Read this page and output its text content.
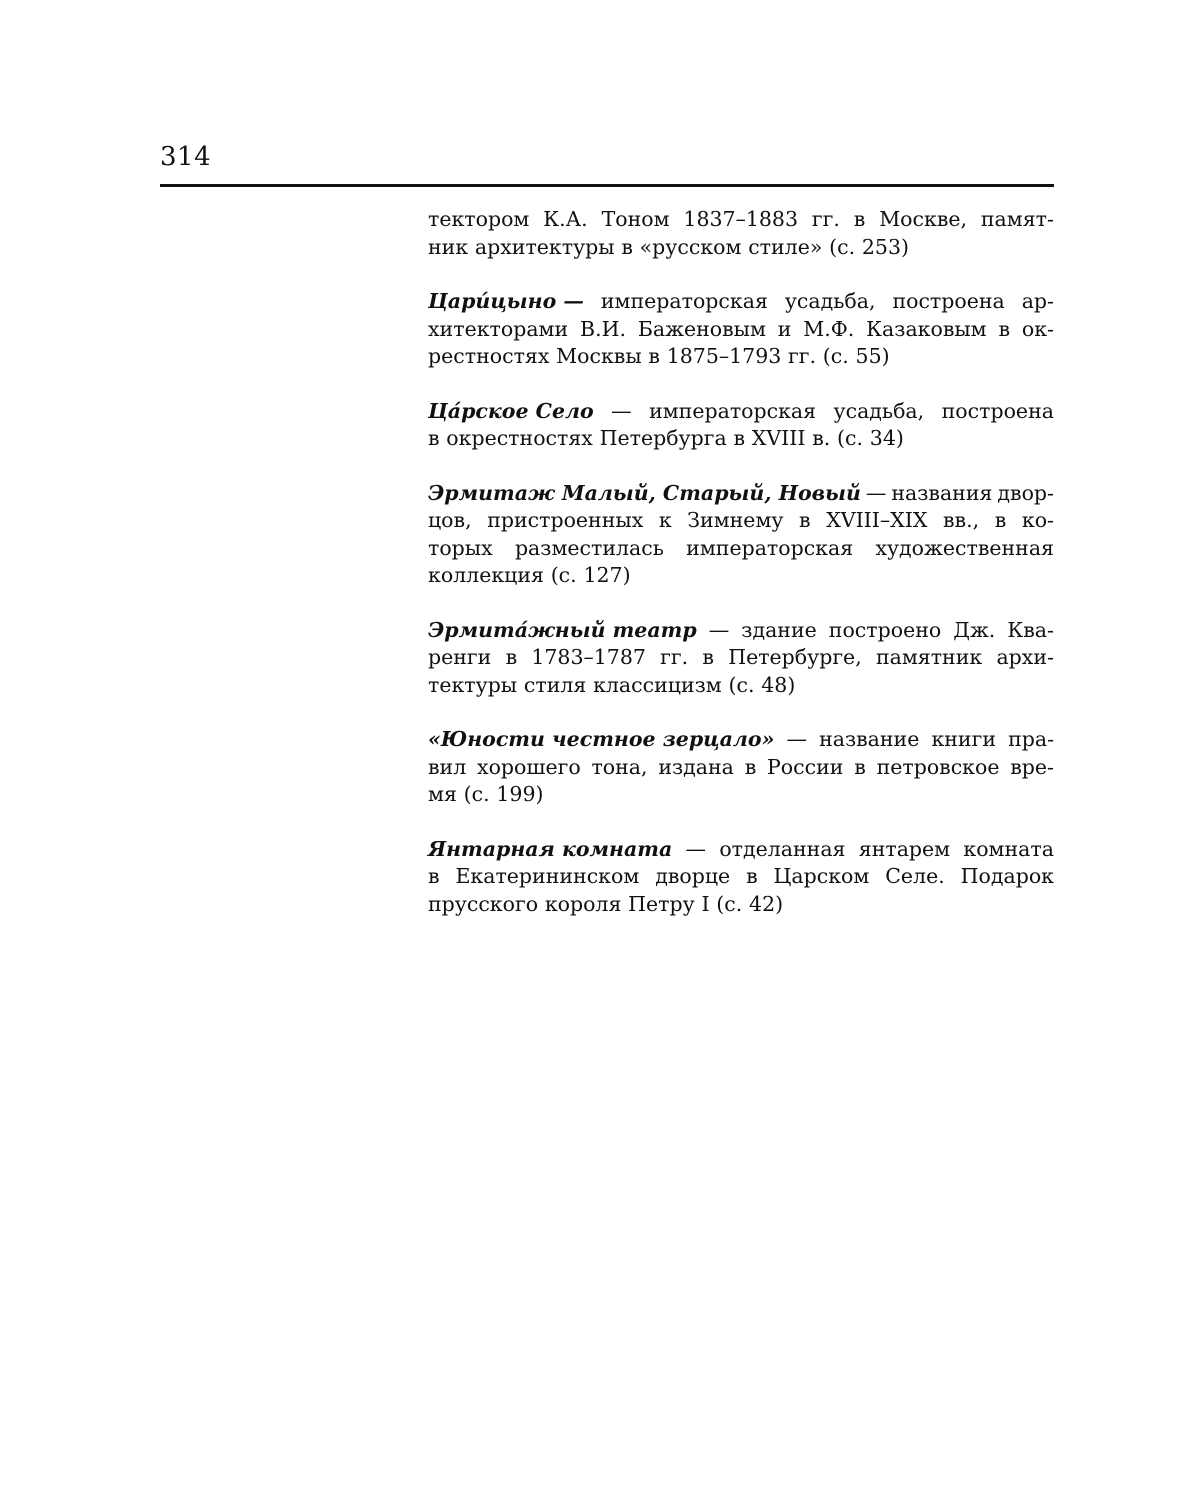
314
тектором К.А. Тоном 1837–1883 гг. в Москве, памят-
ник архитектуры в «русском стиле» (с. 253)
Цари́цыно — императорская усадьба, построена ар-
хитекторами В.И. Баженовым и М.Ф. Казаковым в ок-
рестностях Москвы в 1875–1793 гг. (с. 55)
Ца́рское Село — императорская усадьба, построена
в окрестностях Петербурга в XVIII в. (с. 34)
Эрмитаж Малый, Старый, Новый — названия двор-
цов, пристроенных к Зимнему в XVIII–XIX вв., в ко-
торых разместилась императорская художественная
коллекция (с. 127)
Эрмита́жный театр — здание построено Дж. Ква-
ренги в 1783–1787 гг. в Петербурге, памятник архи-
тектуры стиля классицизм (с. 48)
«Юности честное зерцало» — название книги пра-
вил хорошего тона, издана в России в петровское вре-
мя (с. 199)
Янтарная комната — отделанная янтарем комната
в Екатерининском дворце в Царском Селе. Подарок
прусского короля Петру I (с. 42)
